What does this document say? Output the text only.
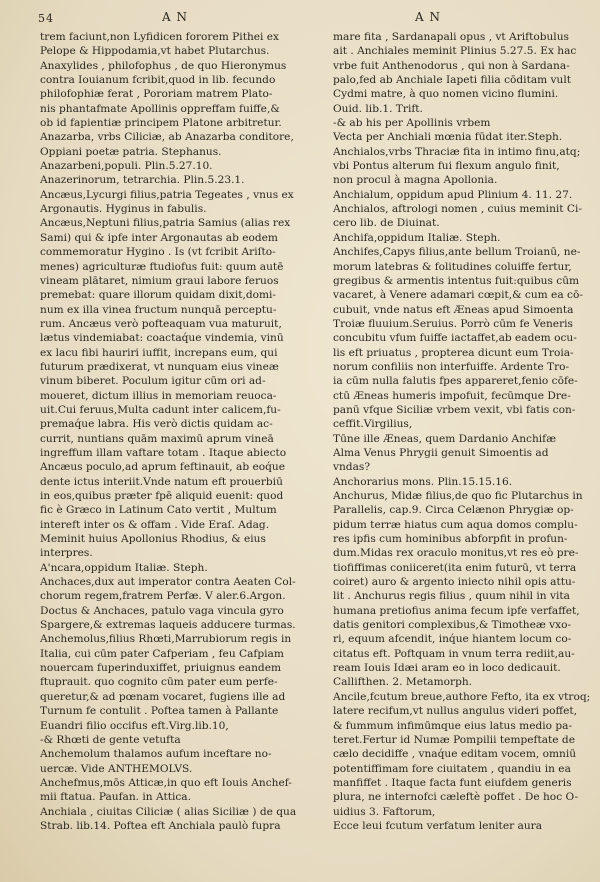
54	A N	A N
trem faciunt,non Lyfidicen fororem Pithei ex
Pelope & Hippodamia,vt habet Plutarchus.
Anaxylides , philofophus , de quo Hieronymus
contra Iouianum fcribit,quod in lib. fecundo
philofophiæ ferat , Pororiam matrem Plato-
nis phantafmate Apollinis oppreffam fuiffe,&
ob id fapientiæ principem Platone arbitretur.
Anazarba, vrbs Ciliciæ, ab Anazarba conditore,
Oppiani poetæ patria. Stephanus.
Anazarbeni,populi. Plin.5.27.10.
Anazerinorum, tetrarchia. Plin.5.23.1.
Ancæus,Lycurgi filius,patria Tegeates , vnus ex
Argonautis. Hyginus in fabulis.
Ancæus,Neptuni filius,patria Samius (alias rex
Sami) qui & ipfe inter Argonautas ab eodem
commemoratur Hygino . Is (vt fcribit Ariſto-
menes) agriculturæ ftudiofus fuit: quum autē
vineam plātaret, nimium graui labore feruos
premebat: quare illorum quidam dixit,domi-
num ex illa vinea fructum nunquā perceptu-
rum. Ancæus verò pofteaquam vua maturuit,
lætus vindemiabat: coactaq́ue vindemia, vinū
ex lacu fibi hauriri iuffit, increpans eum, qui
futurum prædixerat, vt nunquam eius vineæ
vinum biberet. Poculum igitur cūm ori ad-
moueret, dictum illius in memoriam reuoca-
uit.Cui feruus,Multa cadunt inter calicem,fu-
premaq́ue labra. His verò dictis quidam ac-
currit, nuntians quām maximū aprum vineā
ingreffum illam vaftare totam . Itaque abiecto
Ancæus poculo,ad aprum feftinauit, ab eoq́ue
dente ictus interiit.Vnde natum eft prouerbiū
in eos,quibus præter fpē aliquid euenit: quod
fic è Græco in Latinum Cato vertit , Multum
intereft inter os & offam . Vide Eraſ. Adag.
Meminit huius Apollonius Rhodius, & eius
interpres.
A'ncara,oppidum Italiæ. Steph.
Anchaces,dux aut imperator contra Aeaten Col-
chorum regem,fratrem Perfæ. V aler.6.Argon.
Doctus & Anchaces, patulo vaga vincula gyro
Spargere,& extremas laqueis adducere turmas.
Anchemolus,filius Rhœti,Marrubiorum regis in
Italia, cui cūm pater Cafperiam , feu Cafpiam
nouercam fuperinduxiffet, priuignus eandem
ftuprauit. quo cognito cūm pater eum perfe-
queretur,& ad pœnam vocaret, fugiens ille ad
Turnum fe contulit . Poftea tamen à Pallante
Euandri filio occifus eft.Virg.lib.10,
-& Rhœti de gente vetufta
Anchemolum thalamos aufum inceftare no-
uercæ. Vide ANTHEMOLVS.
Anchefmus,mōs Atticæ,in quo eft Iouis Anchef-
mii ftatua. Paufan. in Attica.
Anchiala , ciuitas Ciliciæ ( alias Siciliæ ) de qua
Strab. lib.14. Poftea eft Anchiala paulò fupra
mare fita , Sardanapali opus , vt Ariftobulus
ait . Anchiales meminit Plinius 5.27.5. Ex hac
vrbe fuit Anthenodorus , qui non à Sardana-
palo,fed ab Anchiale Iapeti filia cōditam vult
Cydmi matre, à quo nomen vicino flumini.
Ouid. lib.1. Trift.
-& ab his per Apollinis vrbem
Vecta per Anchiali mœnia fūdat iter.Steph.
Anchialos,vrbs Thraciæ fita in intimo finu,atq;
vbi Pontus alterum fui flexum angulo finit,
non procul à magna Apollonia.
Anchialum, oppidum apud Plinium 4. 11. 27.
Anchialos, aftrologi nomen , cuius meminit Ci-
cero lib. de Diuinat.
Anchifa,oppidum Italiæ. Steph.
Anchifes,Capys filius,ante bellum Troianū, ne-
morum latebras & folitudines coluiffe fertur,
gregibus & armentis intentus fuit:quibus cūm
vacaret, à Venere adamari cœpit,& cum ea cō-
cubuit, vnde natus eft Æneas apud Simoenta
Troiæ fluuium.Seruius. Porrò cūm fe Veneris
concubitu vfum fuiffe iactaffet,ab eadem ocu-
lis eft priuatus , propterea dicunt eum Troia-
norum confiliis non interfuiffe. Ardente Tro-
ia cūm nulla falutis fpes appareret,fenio cōfe-
ctū Æneas humeris impofuit, fecūmque Dre-
panū vfque Siciliæ vrbem vexit, vbi fatis con-
ceffit.Virgilius,
Tūne ille Æneas, quem Dardanio Anchifæ
Alma Venus Phrygii genuit Simoentis ad
vndas?
Anchorarius mons. Plin.15.15.16.
Anchurus, Midæ filius,de quo fic Plutarchus in
Parallelis, cap.9. Circa Celænon Phrygiæ op-
pidum terræ hiatus cum aqua domos complu-
res ipfis cum hominibus abforpfit in profun-
dum.Midas rex oraculo monitus,vt res eò pre-
tiofiffimas coniiceret(ita enim futurū, vt terra
coiret) auro & argento iniecto nihil opis attu-
lit . Anchurus regis filius , quum nihil in vita
humana pretiofius animа fecum ipfe verfaffet,
datis genitori complexibus,& Timotheæ vxo-
ri, equum afcendit, inq́ue hiantem locum co-
citatus eft. Poftquam in vnum terra rediit,au-
ream Iouis Idæi aram eo in loco dedicauit.
Callifthen. 2. Metamorph.
Ancile,fcutum breue,authore Fefto, ita ex vtroq;
latere recifum,vt nullus angulus videri poffet,
& fummum infimūmque eius latus medio pa-
teret.Fertur id Numæ Pompilii tempeftate de
cælo decidiffe , vnaq́ue editam vocem, omniū
potentiffimam fore ciuitatem , quandiu in ea
manfiffet . Itaque facta funt eiufdem generis
plura, ne internofci cæleftè poffet . De hoc O-
uidius 3. Faftorum,
Ecce leui fcutum verfatum leniter aura
